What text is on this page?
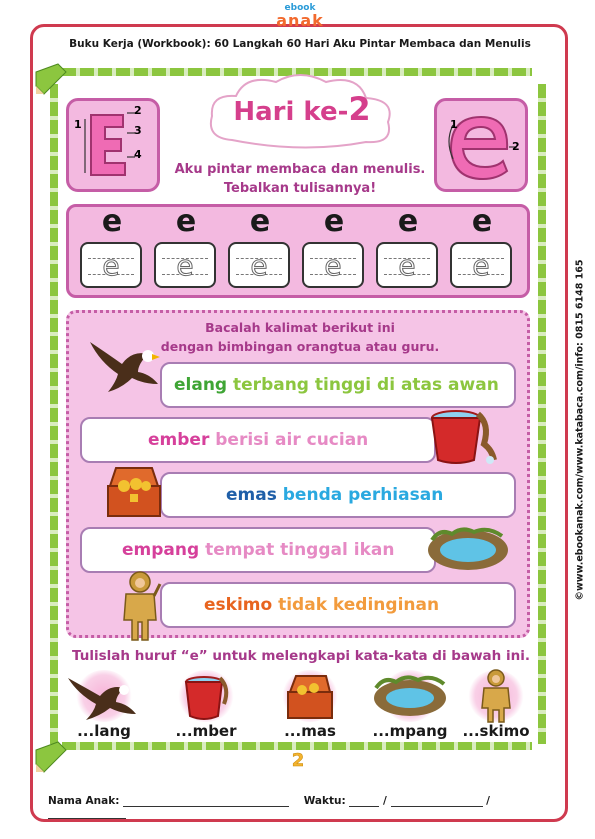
ebook
anak
Buku Kerja (Workbook): 60 Langkah 60 Hari Aku Pintar Membaca dan Menulis
©www.ebookanak.com/www.katabaca.com/info: 0815 6148 165
Hari ke-2
1
2
3
4
1
2
Aku pintar membaca dan menulis.
Tebalkan tulisannya!
e	e	e	e	e	e
e	e	e	e	e	e
Bacalah kalimat berikut ini
dengan bimbingan orangtua atau guru.
elang terbang tinggi di atas awan
ember berisi air cucian
emas benda perhiasan
empang tempat tinggal ikan
eskimo tidak kedinginan
Tulislah huruf “e” untuk melengkapi kata-kata di bawah ini.
...lang	...mber	...mas	...mpang ...skimo
2
Nama Anak:	Waktu:	/	/
